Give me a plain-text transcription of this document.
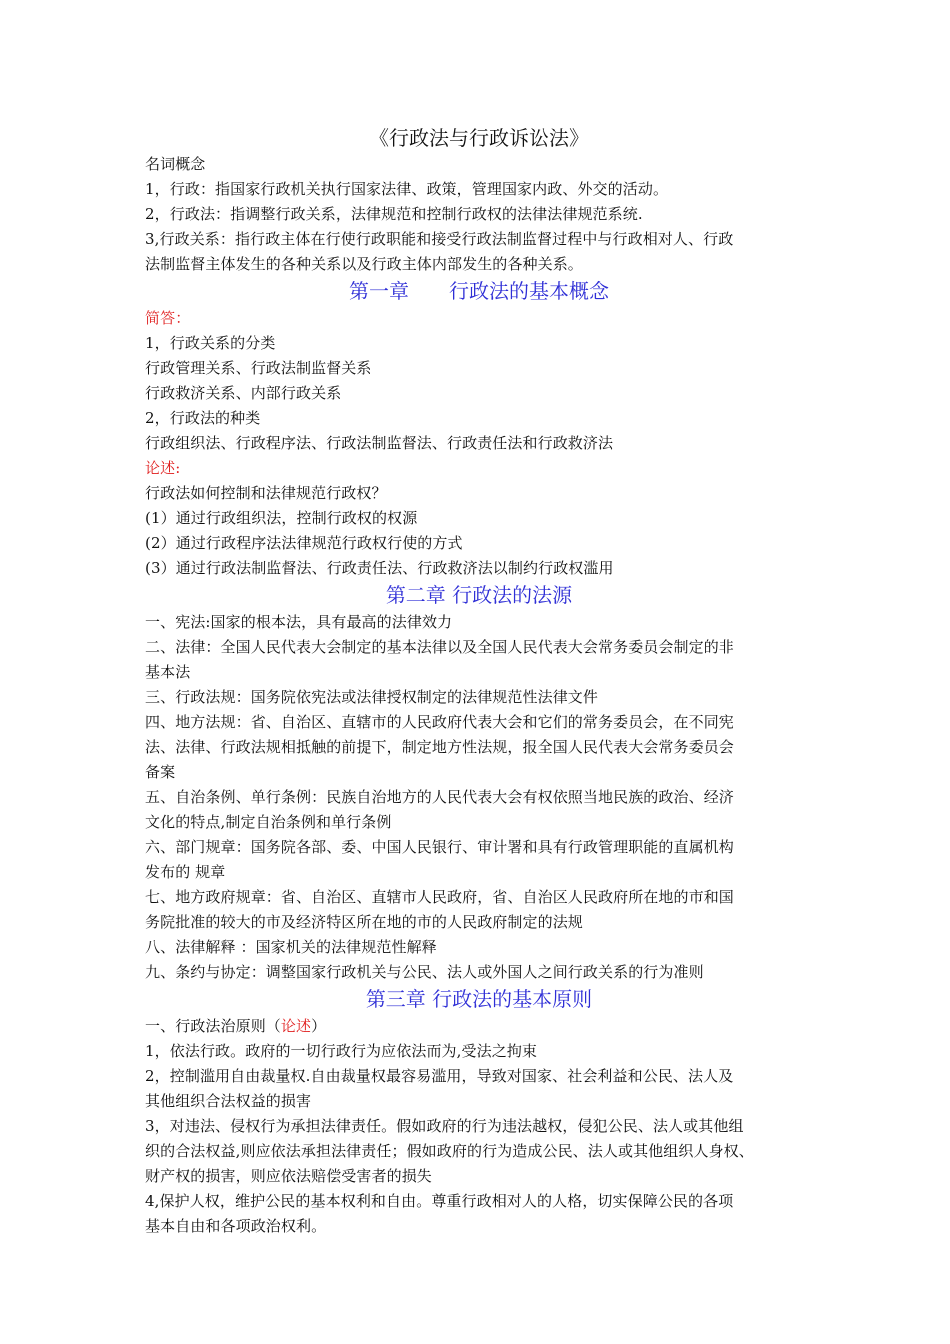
《行政法与行政诉讼法》
名词概念
1，行政：指国家行政机关执行国家法律、政策，管理国家内政、外交的活动。
2，行政法：指调整行政关系，法律规范和控制行政权的法律法律规范系统.
3,行政关系：指行政主体在行使行政职能和接受行政法制监督过程中与行政相对人、行政
法制监督主体发生的各种关系以及行政主体内部发生的各种关系。
第一章　　行政法的基本概念
简答：
1，行政关系的分类
行政管理关系、行政法制监督关系
行政救济关系、内部行政关系
2，行政法的种类
行政组织法、行政程序法、行政法制监督法、行政责任法和行政救济法
论述:
行政法如何控制和法律规范行政权？
(1）通过行政组织法，控制行政权的权源
(2）通过行政程序法法律规范行政权行使的方式
(3）通过行政法制监督法、行政责任法、行政救济法以制约行政权滥用
第二章 行政法的法源
一、宪法:国家的根本法，具有最高的法律效力
二、法律：全国人民代表大会制定的基本法律以及全国人民代表大会常务委员会制定的非
基本法
三、行政法规：国务院依宪法或法律授权制定的法律规范性法律文件
四、地方法规：省、自治区、直辖市的人民政府代表大会和它们的常务委员会，在不同宪
法、法律、行政法规相抵触的前提下，制定地方性法规，报全国人民代表大会常务委员会
备案
五、自治条例、单行条例：民族自治地方的人民代表大会有权依照当地民族的政治、经济
文化的特点,制定自治条例和单行条例
六、部门规章：国务院各部、委、中国人民银行、审计署和具有行政管理职能的直属机构
发布的 规章
七、地方政府规章：省、自治区、直辖市人民政府，省、自治区人民政府所在地的市和国
务院批准的较大的市及经济特区所在地的市的人民政府制定的法规
八、法律解释 ：国家机关的法律规范性解释
九、条约与协定：调整国家行政机关与公民、法人或外国人之间行政关系的行为准则
第三章 行政法的基本原则
一、行政法治原则（论述）
1，依法行政。政府的一切行政行为应依法而为,受法之拘束
2，控制滥用自由裁量权.自由裁量权最容易滥用，导致对国家、社会利益和公民、法人及
其他组织合法权益的损害
3，对违法、侵权行为承担法律责任。假如政府的行为违法越权，侵犯公民、法人或其他组
织的合法权益,则应依法承担法律责任；假如政府的行为造成公民、法人或其他组织人身权、
财产权的损害，则应依法赔偿受害者的损失
4,保护人权，维护公民的基本权利和自由。尊重行政相对人的人格，切实保障公民的各项
基本自由和各项政治权利。
